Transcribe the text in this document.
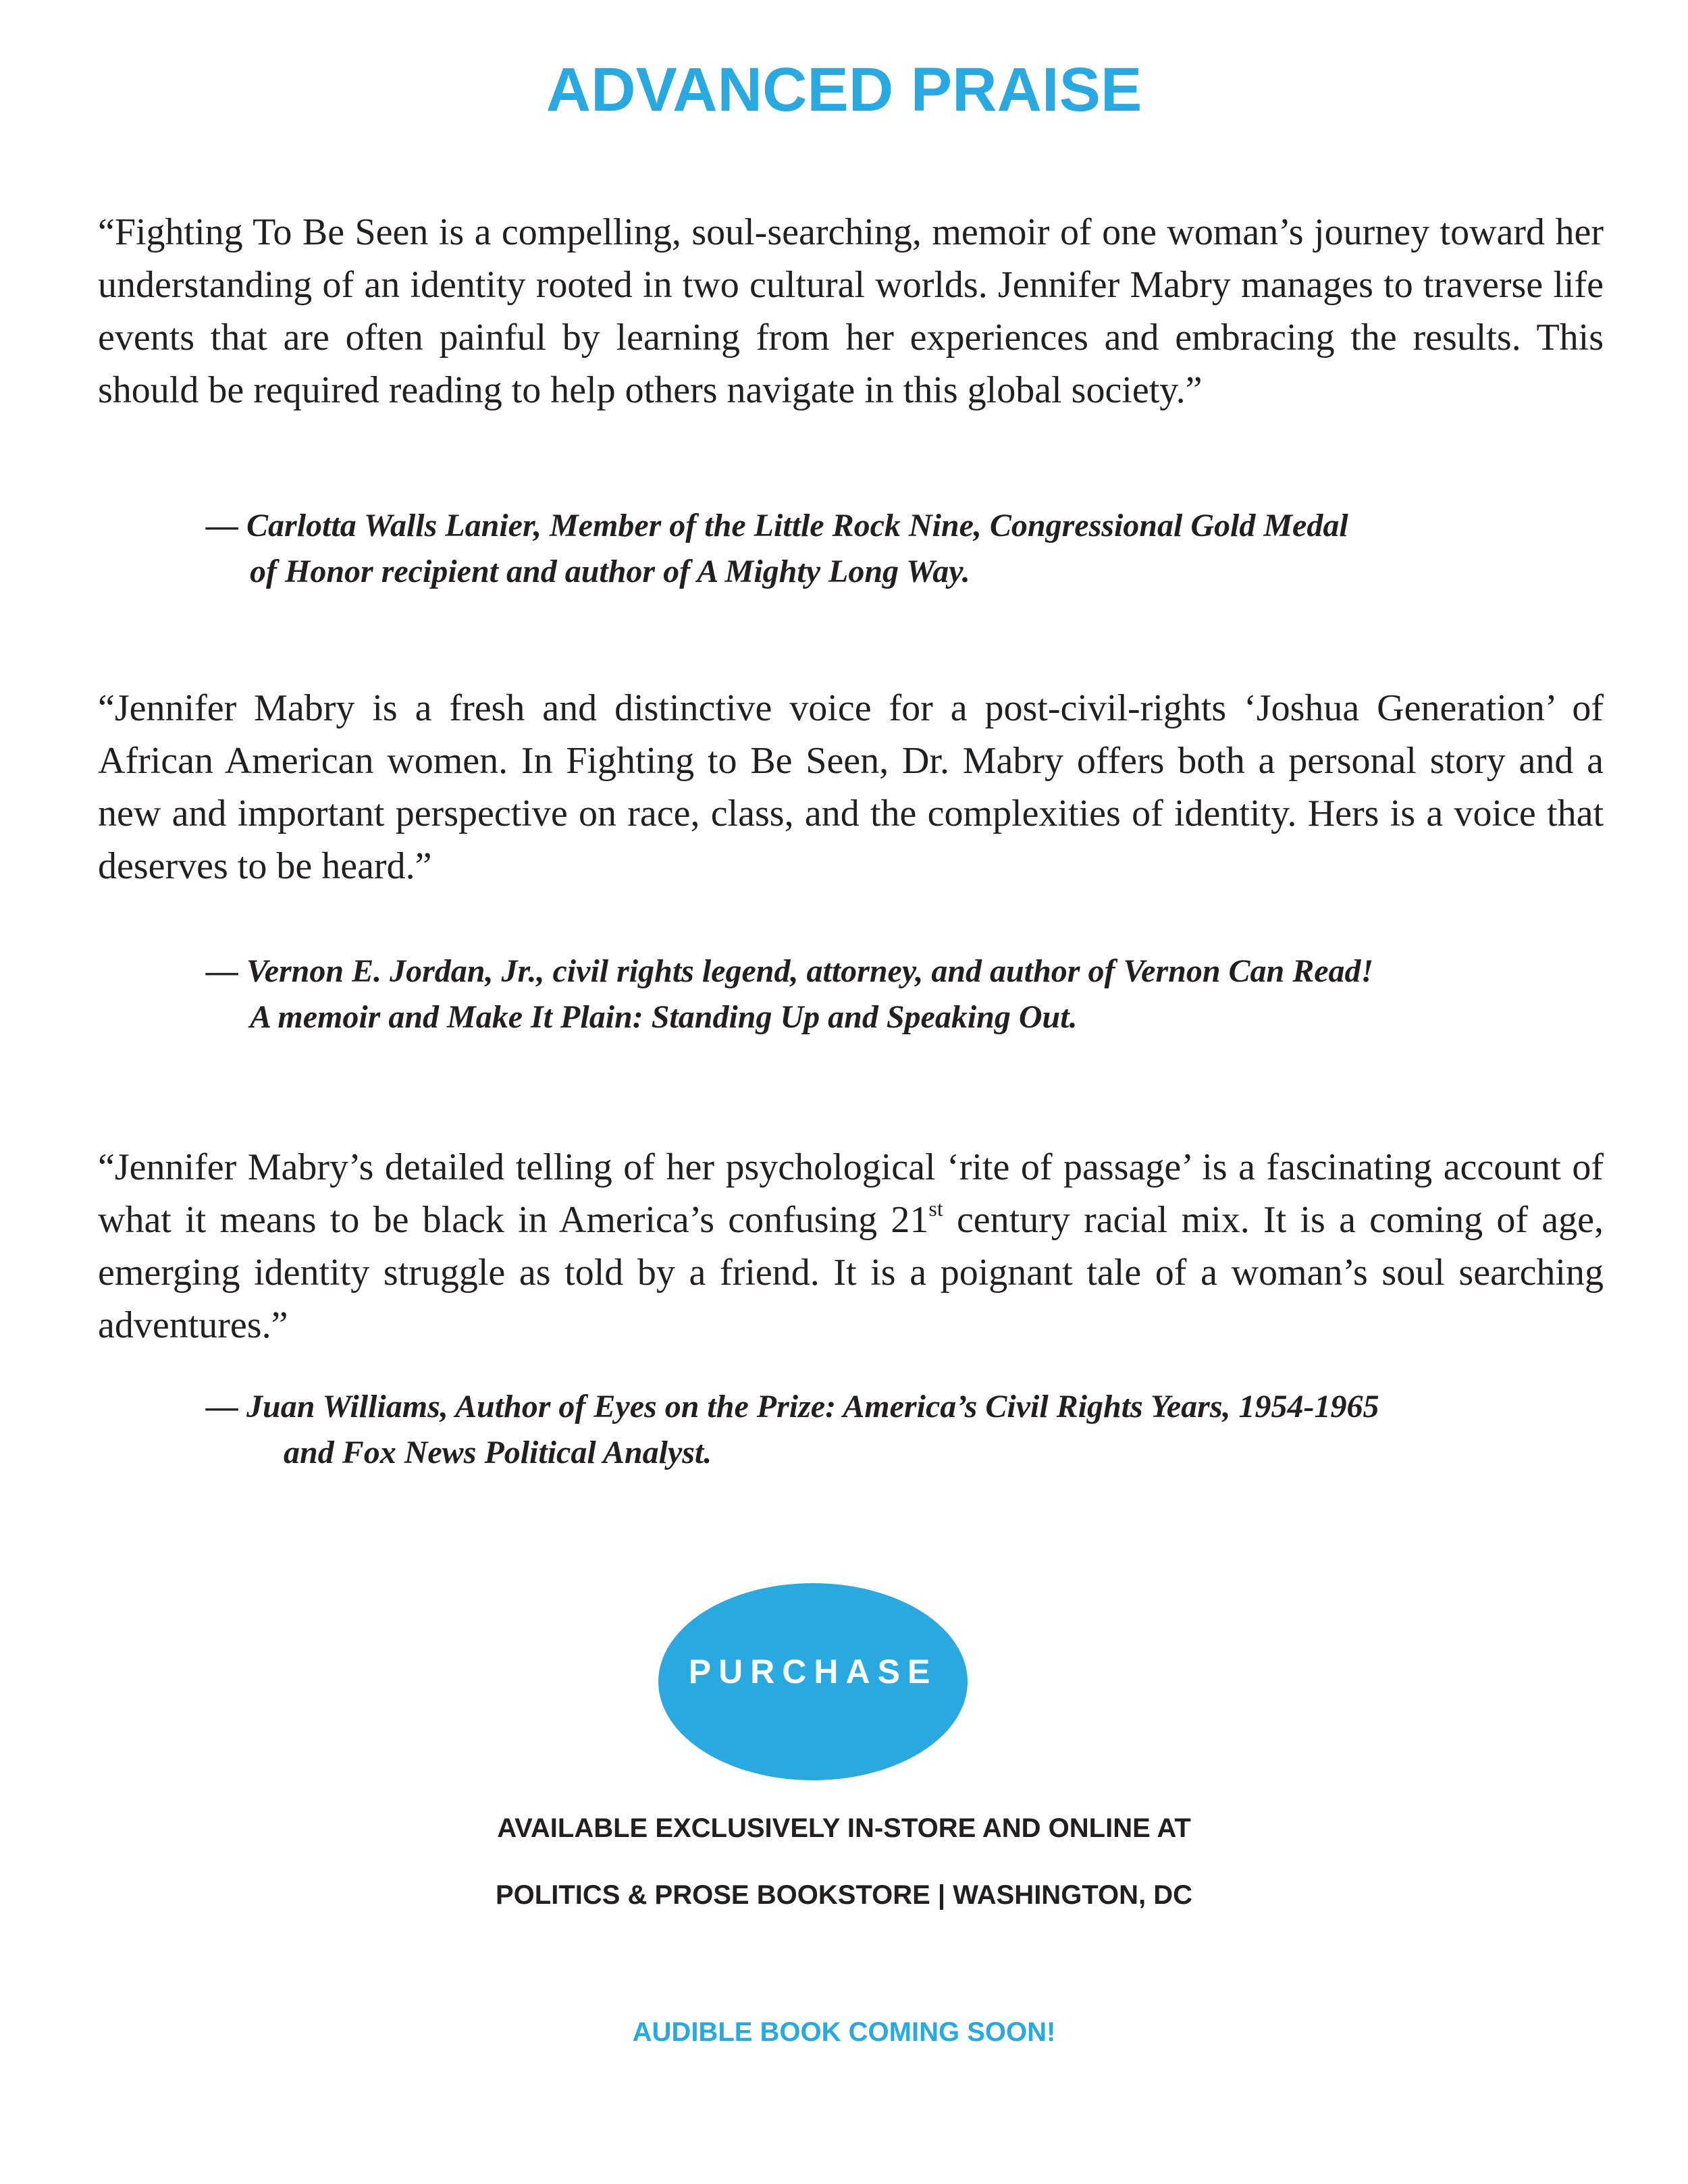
ADVANCED PRAISE

“Fighting To Be Seen is a compelling, soul-searching, memoir of one woman’s journey toward her understanding of an identity rooted in two cultural worlds. Jennifer Mabry manages to traverse life events that are often painful by learning from her experiences and embracing the results. This should be required reading to help others navigate in this global society.”

— Carlotta Walls Lanier, Member of the Little Rock Nine, Congressional Gold Medal
of Honor recipient and author of A Mighty Long Way.

“Jennifer Mabry is a fresh and distinctive voice for a post-civil-rights ‘Joshua Generation’ of African American women. In Fighting to Be Seen, Dr. Mabry offers both a personal story and a new and important perspective on race, class, and the complexities of identity. Hers is a voice that deserves to be heard.”

— Vernon E. Jordan, Jr., civil rights legend, attorney, and author of Vernon Can Read!
A memoir and Make It Plain: Standing Up and Speaking Out.

“Jennifer Mabry’s detailed telling of her psychological ‘rite of passage’ is a fascinating account of what it means to be black in America’s confusing 21st century racial mix. It is a coming of age, emerging identity struggle as told by a friend. It is a poignant tale of a woman’s soul searching adventures.”

— Juan Williams, Author of Eyes on the Prize: America’s Civil Rights Years, 1954-1965
and Fox News Political Analyst.

PURCHASE

AVAILABLE EXCLUSIVELY IN-STORE AND ONLINE AT

POLITICS & PROSE BOOKSTORE | WASHINGTON, DC

AUDIBLE BOOK COMING SOON!
